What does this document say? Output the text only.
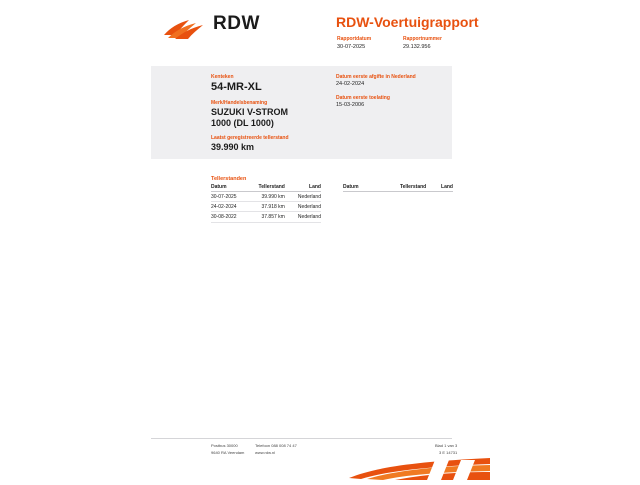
RDW	RDW-Voertuigrapport
Rapportdatum
30-07-2025
Rapportnummer
29.132.956
Kenteken
54-MR-XL
Merk/Handelsbenaming
SUZUKI V-STROM
1000 (DL 1000)
Laatst geregistreerde tellerstand
39.990 km
Datum eerste afgifte in Nederland
24-02-2024
Datum eerste toelating
15-03-2006
Tellerstanden
Datum	Tellerstand	Land
30-07-2025	39.990 km	Nederland
24-02-2024	37.918 km	Nederland
30-08-2022	37.857 km	Nederland
Datum	Tellerstand	Land
Postbus 30000
9640 RA Veendam
Telefoon 088 008 74 47
www.rdw.nl
Blad 1 van 3
3 E 14731
